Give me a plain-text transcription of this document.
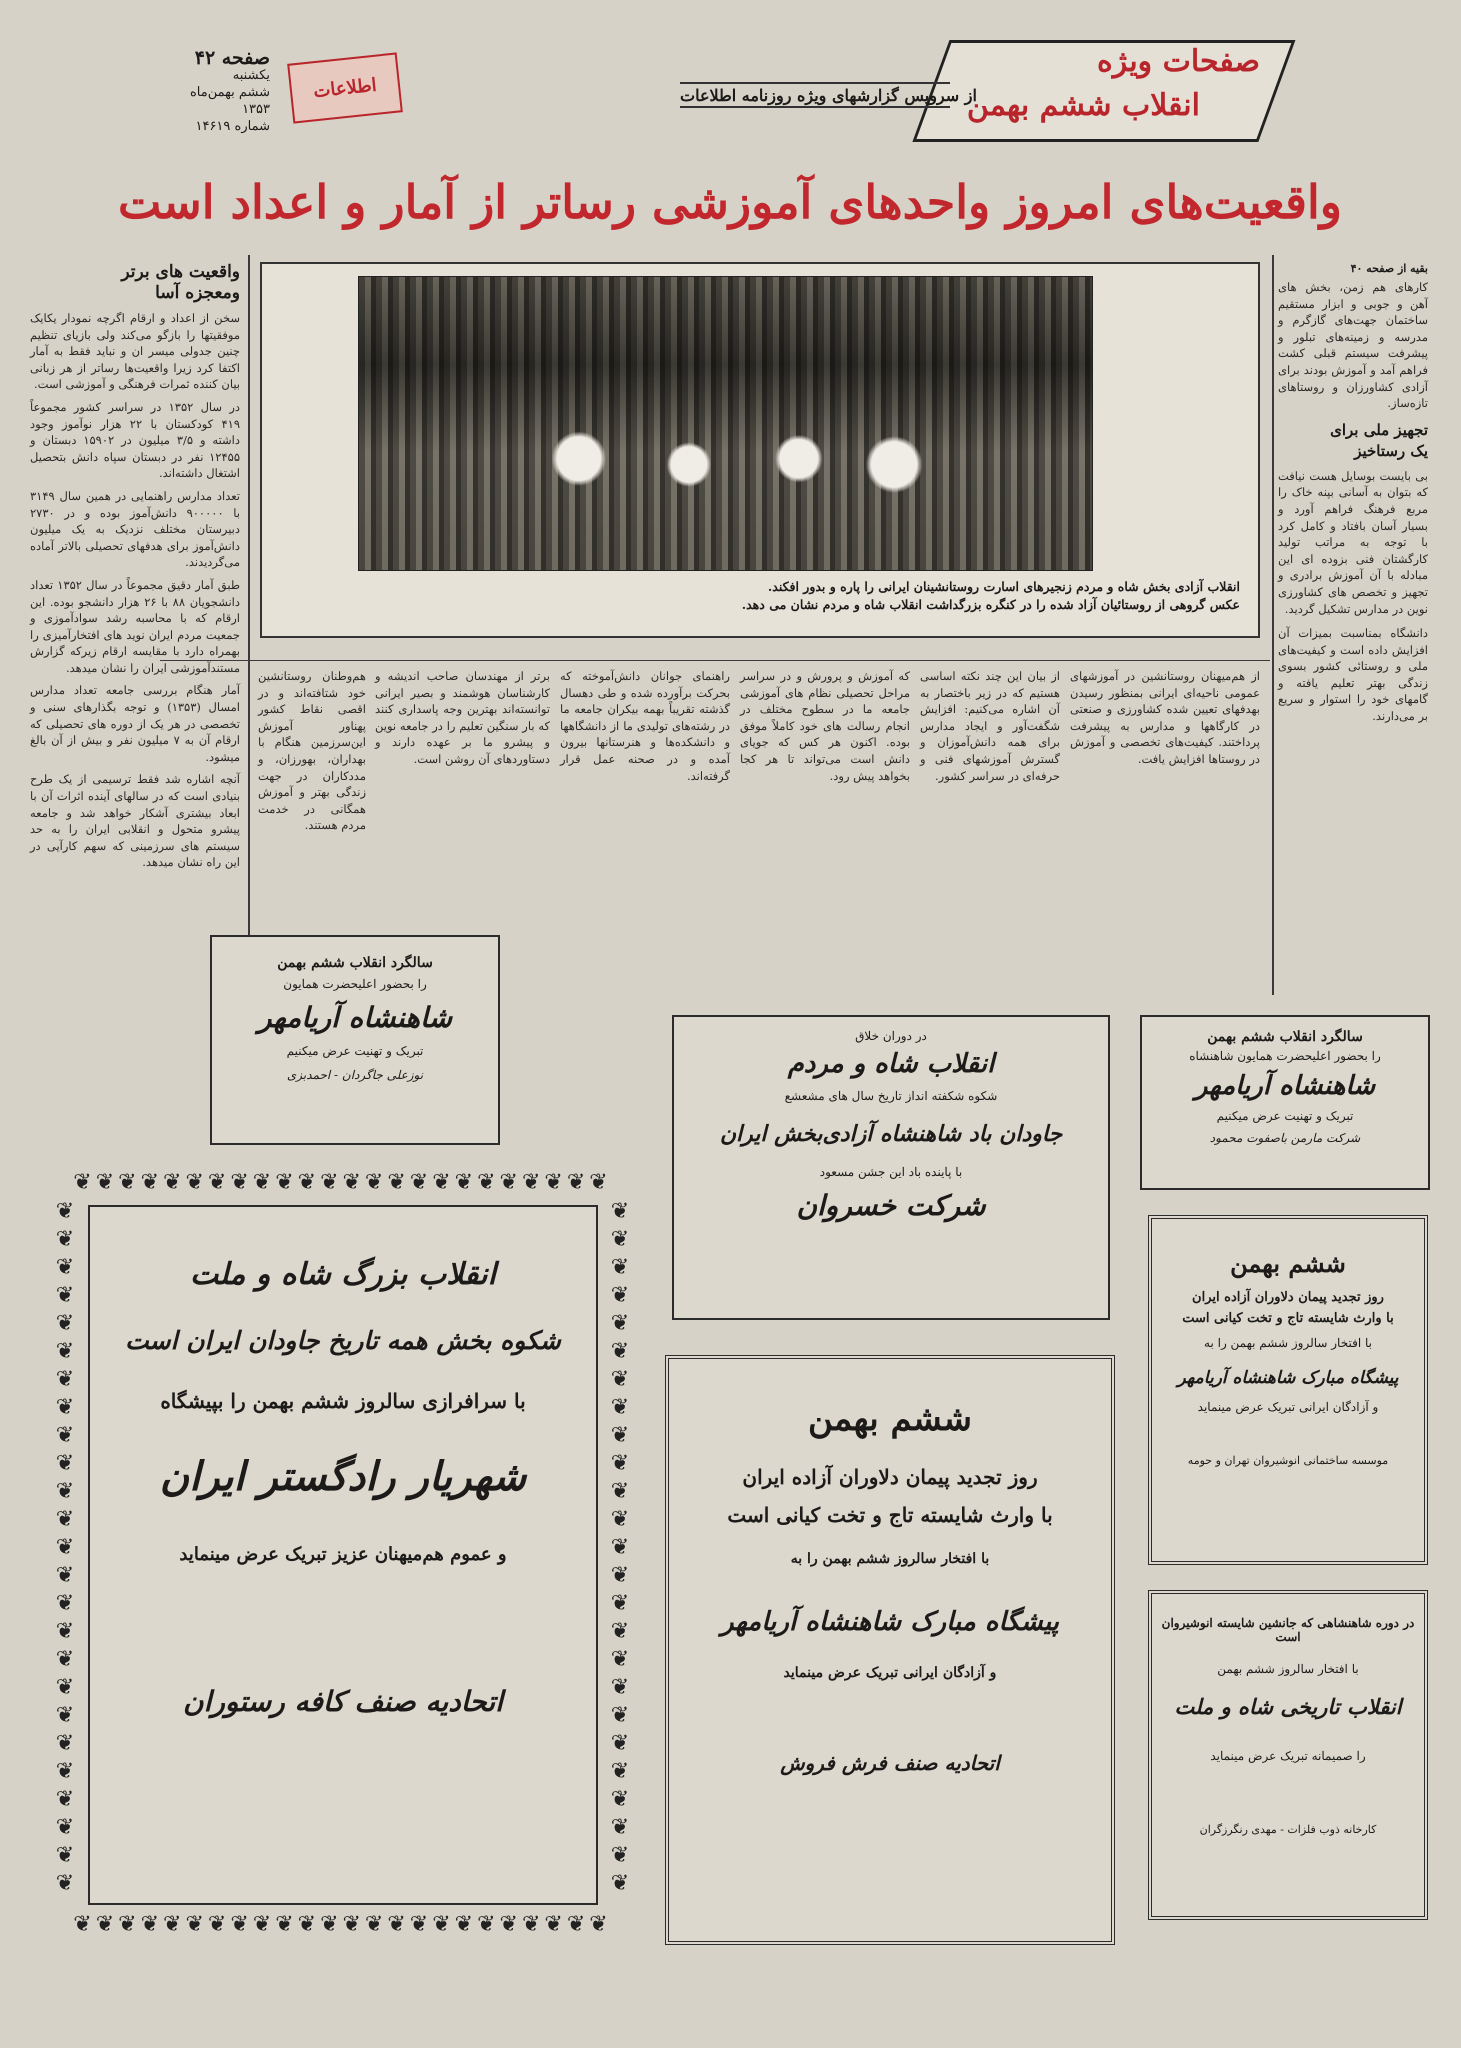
صفحات ویژه
انقلاب ششم بهمن
از سرویس گزارشهای ویژه روزنامه اطلاعات
اطلاعات
صفحه ۴۲
یکشنبه
ششم بهمن‌ماه
۱۳۵۳
شماره ۱۴۶۱۹
واقعیت‌های امروز واحدهای آموزشی رساتر از آمار و اعداد است
واقعیت های برتر
ومعجزه آسا

سخن از اعداد و ارقام اگرچه نمودار یکایک موفقیتها را بازگو می‌کند ولی بازیای تنظیم چنین جدولی میسر ان و نباید فقط به آمار اکتفا کرد زیرا واقعیت‌ها رساتر از هر زبانی بیان کننده ثمرات فرهنگی و آموزشی است.

در سال ۱۳۵۲ در سراسر کشور مجموعاً ۴۱۹ کودکستان با ۲۲ هزار نوآموز وجود داشته و ۳/۵ میلیون در ۱۵۹۰۲ دبستان و ۱۲۴۵۵ نفر در دبستان سپاه دانش بتحصیل اشتغال داشته‌اند.

تعداد مدارس راهنمایی در همین سال ۳۱۴۹ با ۹۰۰۰۰۰ دانش‌آموز بوده و در ۲۷۳۰ دبیرستان مختلف نزدیک به یک میلیون دانش‌آموز برای هدفهای تحصیلی بالاتر آماده می‌گردیدند.

طبق آمار دقیق مجموعاً در سال ۱۳۵۲ تعداد دانشجویان ۸۸ با ۲۶ هزار دانشجو بوده. این ارقام که با محاسبه رشد سواد‌آموزی و جمعیت مردم ایران نوید های افتخارآمیزی را بهمراه دارد با مقایسه ارقام زیرکه گزارش مستندآموزشی ایران را نشان میدهد.

آمار هنگام بررسی جامعه تعداد مدارس امسال (۱۳۵۳) و توجه بگذارهای سنی و تخصصی در هر یک از دوره های تحصیلی که ارقام آن به ۷ میلیون نفر و بیش از آن بالغ میشود.

آنچه اشاره شد فقط ترسیمی از یک طرح بنیادی است که در سالهای آینده اثرات آن با ابعاد بیشتری آشکار خواهد شد و جامعه پیشرو متحول و انقلابی ایران را به حد سیستم های سرزمینی که سهم کارآیی در این راه نشان میدهد.

بقیه از صفحه ۴۰

کارهای هم زمن، بخش های آهن و جوبی و ابزار مستقیم ساختمان جهت‌های گازگرم و مدرسه و زمینه‌های تبلور و پیشرفت سیستم قبلی کشت فراهم آمد و آموزش بودند برای آزادی کشاورزان و روستاهای تازه‌ساز.

تجهیز ملی برای
یک رستاخیز

بی بایست بوسایل هست نیافت که بتوان به آسانی بپنه خاک را مربع فرهنگ فراهم آورد و بسیار آسان بافتاد و کامل کرد با توجه به مراتب تولید کارگشتان فنی بزوده ای این مبادله با آن آموزش برادری و تجهیز و تخصص های کشاورزی نوین در مدارس تشکیل گردید.

دانشگاه بمناسبت بمیزات آن افزایش داده است و کیفیت‌های ملی و روستائی کشور بسوی زندگی بهتر تعلیم یافته و گامهای خود را استوار و سریع بر می‌دارند.

انقلاب آزادی بخش شاه و مردم زنجیرهای اسارت روستانشینان ایرانی را پاره و بدور افکند.
عکس گروهی از روستائیان آزاد شده را در کنگره بزرگداشت انقلاب شاه و مردم نشان می دهد.
از هم‌میهنان روستانشین در آموزشهای عمومی ناحیه‌ای ایرانی بمنظور رسیدن بهدفهای تعیین شده کشاورزی و صنعتی در کارگاهها و مدارس به پیشرفت پرداختند. کیفیت‌های تخصصی و آموزش در روستاها افزایش یافت.
از بیان این چند نکته اساسی هستیم که در زیر باختصار به آن اشاره می‌کنیم: افزایش شگفت‌آور و ایجاد مدارس برای همه دانش‌آموزان و گسترش آموزشهای فنی و حرفه‌ای در سراسر کشور.
که آموزش و پرورش و در سراسر مراحل تحصیلی نظام های آموزشی جامعه ما در سطوح مختلف در انجام رسالت های خود کاملاً موفق بوده. اکنون هر کس که جویای دانش است می‌تواند تا هر کجا بخواهد پیش رود.
راهنمای جوانان دانش‌آموخته که بحرکت برآورده شده و طی دهسال گذشته تقریباً بهمه بیکران جامعه ما در رشته‌های تولیدی ما از دانشگاهها و دانشکده‌ها و هنرستانها بیرون آمده و در صحنه عمل قرار گرفته‌اند.
برتر از مهندسان صاحب اندیشه و کارشناسان هوشمند و بصیر ایرانی توانسته‌اند بهترین وجه پاسداری کنند که بار سنگین تعلیم را در جامعه نوین و پیشرو ما بر عهده دارند و دستاوردهای آن روشن است.
هم‌وطنان روستانشین خود شتافته‌اند و در اقصی نقاط کشور پهناور آموزش این‌سرزمین هنگام با بهداران، بهورزان، و مددکاران در جهت زندگی بهتر و آموزش همگانی در خدمت مردم هستند.
سالگرد انقلاب ششم بهمن
را بحضور اعلیحضرت همایون
شاهنشاه آریامهر
تبریک و تهنیت عرض میکنیم
نوزعلی جاگردان - احمدبزی
در دوران خلاق
انقلاب شاه و مردم
شکوه شکفته انداز تاریخ سال های مشعشع
جاودان باد شاهنشاه آزادی‌بخش ایران
با پاینده باد این جشن مسعود
شرکت خسروان
سالگرد انقلاب ششم بهمن
را بحضور اعلیحضرت همایون شاهنشاه
شاهنشاه آریامهر
تبریک و تهنیت عرض میکنیم
شرکت مارمن باصفوت محمود
ششم بهمن
روز تجدید پیمان دلاوران آزاده ایران
با وارث شایسته تاج و تخت کیانی است
با افتخار سالروز ششم بهمن را به
پیشگاه مبارک شاهنشاه آریامهر
و آزادگان ایرانی تبریک عرض مینماید
موسسه ساختمانی انوشیروان تهران و حومه
در دوره شاهنشاهی که جانشین شایسته انوشیروان است
با افتخار سالروز ششم بهمن
انقلاب تاریخی شاه و ملت
را صمیمانه تبریک عرض مینماید
کارخانه ذوب فلزات - مهدی رنگرزگران
ششم بهمن
روز تجدید پیمان دلاوران آزاده ایران
با وارث شایسته تاج و تخت کیانی است
با افتخار سالروز ششم بهمن را به
پیشگاه مبارک شاهنشاه آریامهر
و آزادگان ایرانی تبریک عرض مینماید
اتحادیه صنف فرش فروش
❦❦❦❦❦❦❦❦❦❦❦❦❦❦❦❦❦❦❦❦❦❦❦❦
❦❦❦❦❦❦❦❦❦❦❦❦❦❦❦❦❦❦❦❦❦❦❦❦
❦
❦
❦
❦
❦
❦
❦
❦
❦
❦
❦
❦
❦
❦
❦
❦
❦
❦
❦
❦
❦
❦
❦
❦
❦
❦
❦
❦
❦
❦
❦
❦
❦
❦
❦
❦
❦
❦
❦
❦
❦
❦
❦
❦
❦
❦
❦
❦
❦
❦
انقلاب بزرگ شاه و ملت
شکوه بخش همه تاریخ جاودان ایران است
با سرافرازی سالروز ششم بهمن را بپیشگاه
شهریار رادگستر ایران
و عموم هم‌میهنان عزیز تبریک عرض مینماید
اتحادیه صنف کافه رستوران
